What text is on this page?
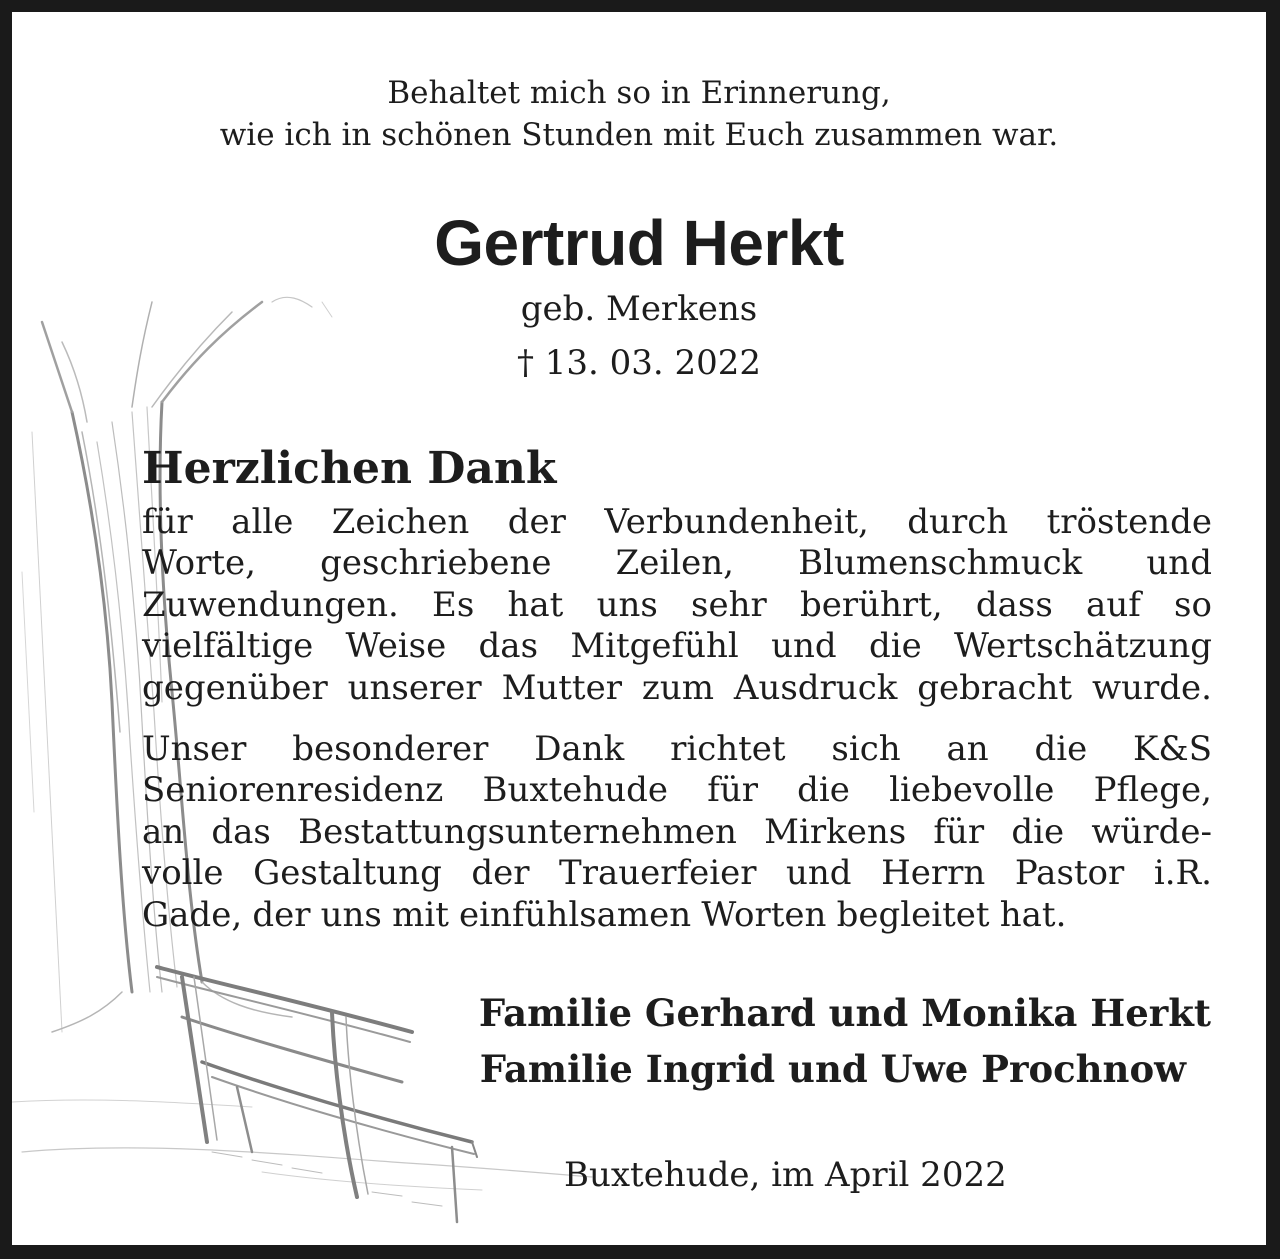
Behaltet mich so in Erinnerung,
wie ich in schönen Stunden mit Euch zusammen war.
Gertrud Herkt
geb. Merkens
† 13. 03. 2022
Herzlichen Dank
für alle Zeichen der Verbundenheit, durch tröstende
Worte, geschriebene Zeilen, Blumenschmuck und
Zuwendungen. Es hat uns sehr berührt, dass auf so
vielfältige Weise das Mitgefühl und die Wertschätzung
gegenüber unserer Mutter zum Ausdruck gebracht wurde.
Unser besonderer Dank richtet sich an die K&S
Seniorenresidenz Buxtehude für die liebevolle Pflege,
an das Bestattungsunternehmen Mirkens für die würde-
volle Gestaltung der Trauerfeier und Herrn Pastor i.R.
Gade, der uns mit einfühlsamen Worten begleitet hat.
Familie Gerhard und Monika Herkt
Familie Ingrid und Uwe Prochnow
Buxtehude, im April 2022
